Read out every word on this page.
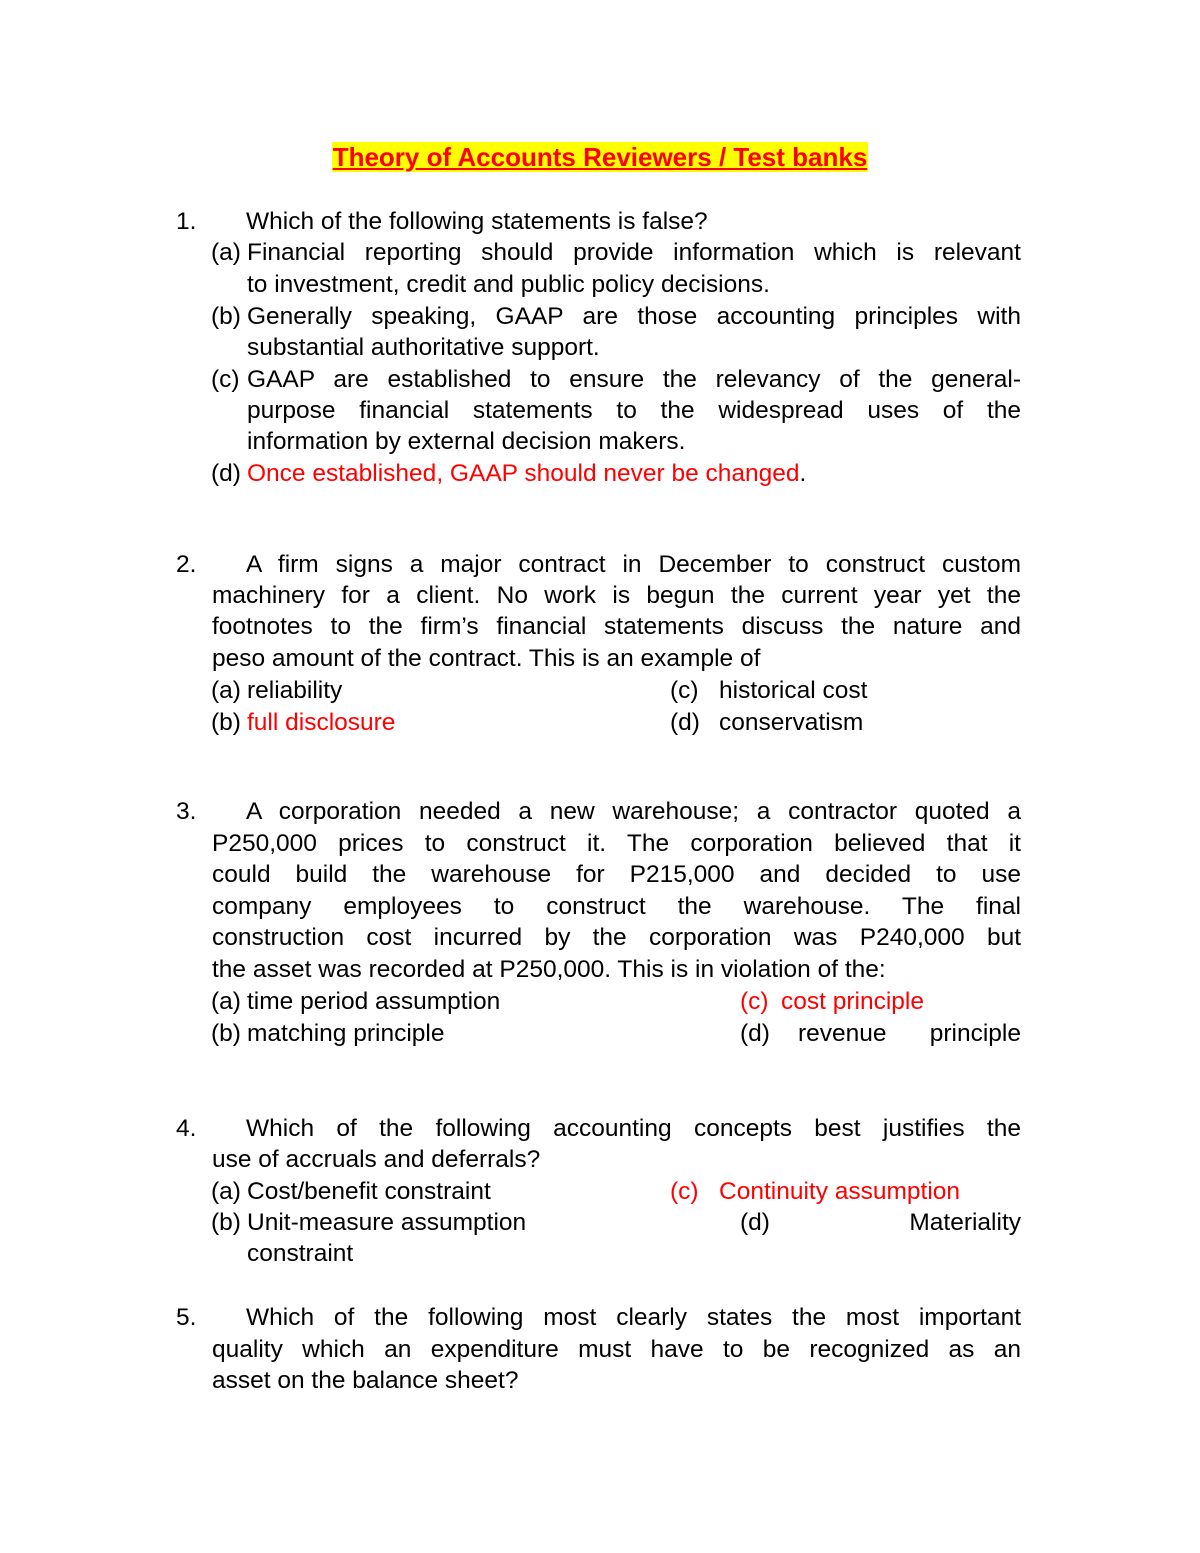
Theory of Accounts Reviewers / Test banks
1. Which of the following statements is false?
(a) Financial reporting should provide information which is relevant
to investment, credit and public policy decisions.
(b) Generally speaking, GAAP are those accounting principles with
substantial authoritative support.
(c) GAAP are established to ensure the relevancy of the general-
purpose financial statements to the widespread uses of the
information by external decision makers.
(d) Once established, GAAP should never be changed.
2. A firm signs a major contract in December to construct custom
machinery for a client. No work is begun the current year yet the
footnotes to the firm’s financial statements discuss the nature and
peso amount of the contract. This is an example of
(a) reliability	(c) historical cost
(b) full disclosure	(d) conservatism
3. A corporation needed a new warehouse; a contractor quoted a
P250,000 prices to construct it. The corporation believed that it
could build the warehouse for P215,000 and decided to use
company employees to construct the warehouse. The final
construction cost incurred by the corporation was P240,000 but
the asset was recorded at P250,000. This is in violation of the:
(a) time period assumption	(c) cost principle
(b) matching principle	(d) revenue principle
4. Which of the following accounting concepts best justifies the
use of accruals and deferrals?
(a) Cost/benefit constraint	(c) Continuity assumption
(b) Unit-measure assumption	(d)	Materiality
constraint
5. Which of the following most clearly states the most important
quality which an expenditure must have to be recognized as an
asset on the balance sheet?
